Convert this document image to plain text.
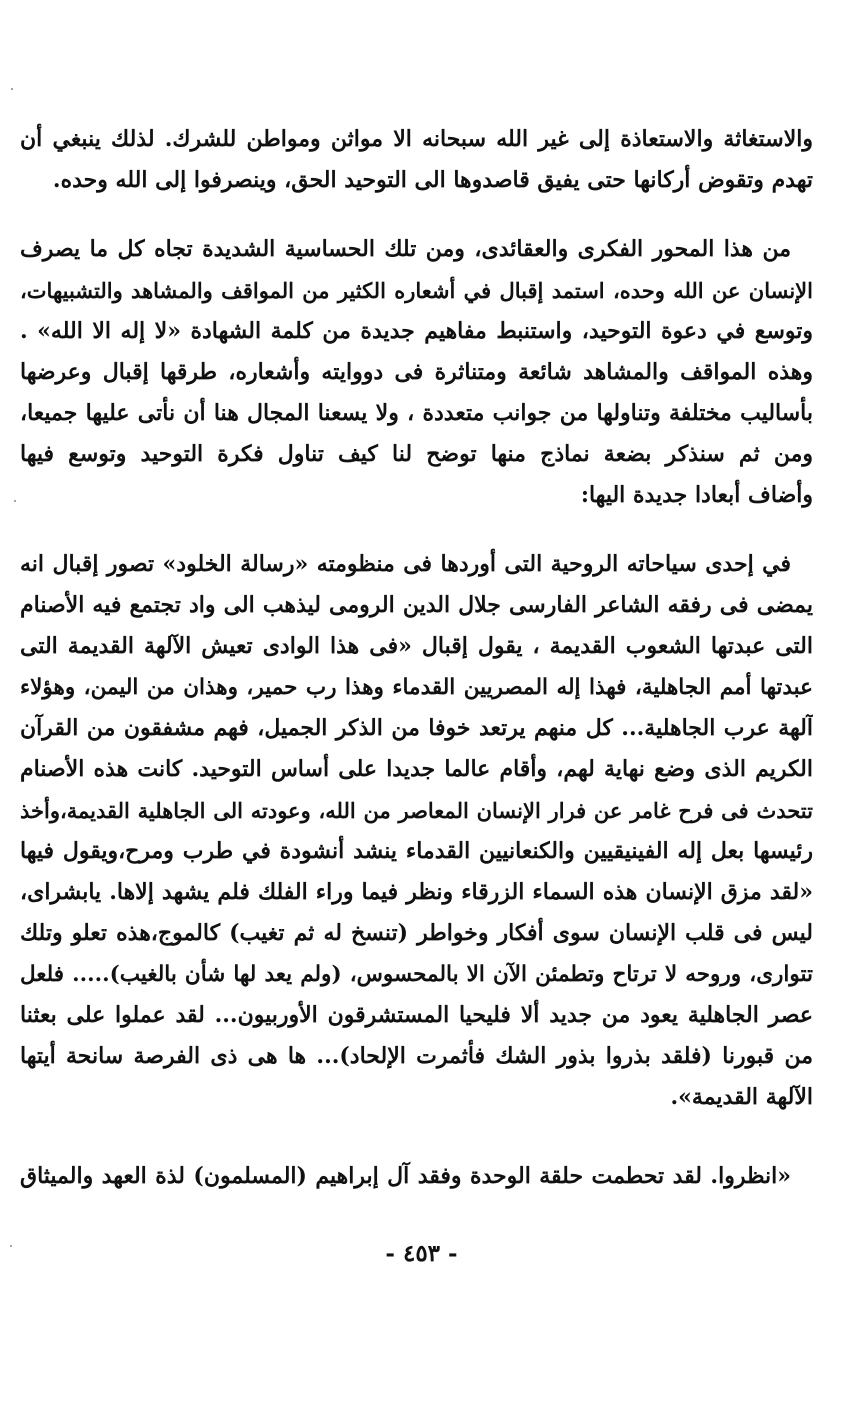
والاستغاثة والاستعاذة إلى غير الله سبحانه الا مواثن ومواطن للشرك. لذلك ينبغي أن
تهدم وتقوض أركانها حتى يفيق قاصدوها الى التوحيد الحق، وينصرفوا إلى الله وحده.
من هذا المحور الفكرى والعقائدى، ومن تلك الحساسية الشديدة تجاه كل ما يصرف
الإنسان عن الله وحده، استمد إقبال في أشعاره الكثير من المواقف والمشاهد والتشبيهات،
وتوسع في دعوة التوحيد، واستنبط مفاهيم جديدة من كلمة الشهادة «لا إله الا الله» .
وهذه المواقف والمشاهد شائعة ومتناثرة فى دووايته وأشعاره، طرقها إقبال وعرضها
بأساليب مختلفة وتناولها من جوانب متعددة ، ولا يسعنا المجال هنا أن نأتى عليها جميعا،
ومن ثم سنذكر بضعة نماذج منها توضح لنا كيف تناول فكرة التوحيد وتوسع فيها
وأضاف أبعادا جديدة اليها:
في إحدى سياحاته الروحية التى أوردها فى منظومته «رسالة الخلود» تصور إقبال انه
يمضى فى رفقه الشاعر الفارسى جلال الدين الرومى ليذهب الى واد تجتمع فيه الأصنام
التى عبدتها الشعوب القديمة ، يقول إقبال «فى هذا الوادى تعيش الآلهة القديمة التى
عبدتها أمم الجاهلية، فهذا إله المصريين القدماء وهذا رب حمير، وهذان من اليمن، وهؤلاء
آلهة عرب الجاهلية... كل منهم يرتعد خوفا من الذكر الجميل، فهم مشفقون من القرآن
الكريم الذى وضع نهاية لهم، وأقام عالما جديدا على أساس التوحيد. كانت هذه الأصنام
تتحدث فى فرح غامر عن فرار الإنسان المعاصر من الله، وعودته الى الجاهلية القديمة،وأخذ
رئيسها بعل إله الفينيقيين والكنعانيين القدماء ينشد أنشودة في طرب ومرح،ويقول فيها
«لقد مزق الإنسان هذه السماء الزرقاء ونظر فيما وراء الفلك فلم يشهد إلاها. يابشراى،
ليس فى قلب الإنسان سوى أفكار وخواطر (تنسخ له ثم تغيب) كالموج،هذه تعلو وتلك
تتوارى، وروحه لا ترتاح وتطمئن الآن الا بالمحسوس، (ولم يعد لها شأن بالغيب)..... فلعل
عصر الجاهلية يعود من جديد ألا فليحيا المستشرقون الأوربيون... لقد عملوا على بعثنا
من قبورنا (فلقد بذروا بذور الشك فأثمرت الإلحاد)... ها هى ذى الفرصة سانحة أيتها
الآلهة القديمة».
«انظروا. لقد تحطمت حلقة الوحدة وفقد آل إبراهيم (المسلمون) لذة العهد والميثاق
- ٤٥٣ -
